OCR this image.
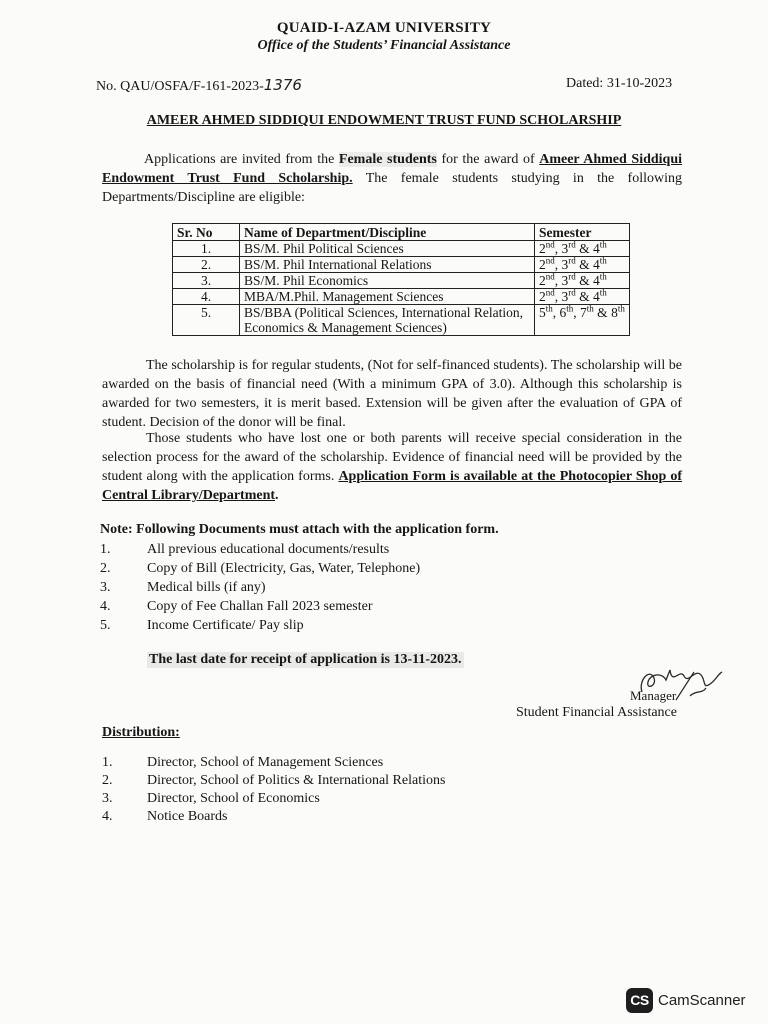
QUAID-I-AZAM UNIVERSITY
Office of the Students’ Financial Assistance
No. QAU/OSFA/F-161-2023-1376	Dated: 31-10-2023
AMEER AHMED SIDDIQUI ENDOWMENT TRUST FUND SCHOLARSHIP

Applications are invited from the Female students for the award of Ameer Ahmed Siddiqui Endowment Trust Fund Scholarship. The female students studying in the following Departments/Discipline are eligible:

Sr. No	Name of Department/Discipline	Semester
1.	BS/M. Phil Political Sciences	2nd, 3rd & 4th
2.	BS/M. Phil International Relations	2nd, 3rd & 4th
3.	BS/M. Phil Economics	2nd, 3rd & 4th
4.	MBA/M.Phil. Management Sciences	2nd, 3rd & 4th
5.	BS/BBA (Political Sciences, International Relation, Economics & Management Sciences)	5th, 6th, 7th & 8th

The scholarship is for regular students, (Not for self-financed students). The scholarship will be awarded on the basis of financial need (With a minimum GPA of 3.0). Although this scholarship is awarded for two semesters, it is merit based. Extension will be given after the evaluation of GPA of student. Decision of the donor will be final.

Those students who have lost one or both parents will receive special consideration in the selection process for the award of the scholarship. Evidence of financial need will be provided by the student along with the application forms. Application Form is available at the Photocopier Shop of Central Library/Department.

Note: Following Documents must attach with the application form.
1.	All previous educational documents/results
2.	Copy of Bill (Electricity, Gas, Water, Telephone)
3.	Medical bills (if any)
4.	Copy of Fee Challan Fall 2023 semester
5.	Income Certificate/ Pay slip
The last date for receipt of application is 13-11-2023.
Manager
Student Financial Assistance
Distribution:
1.	Director, School of Management Sciences
2.	Director, School of Politics & International Relations
3.	Director, School of Economics
4.	Notice Boards
CS CamScanner
